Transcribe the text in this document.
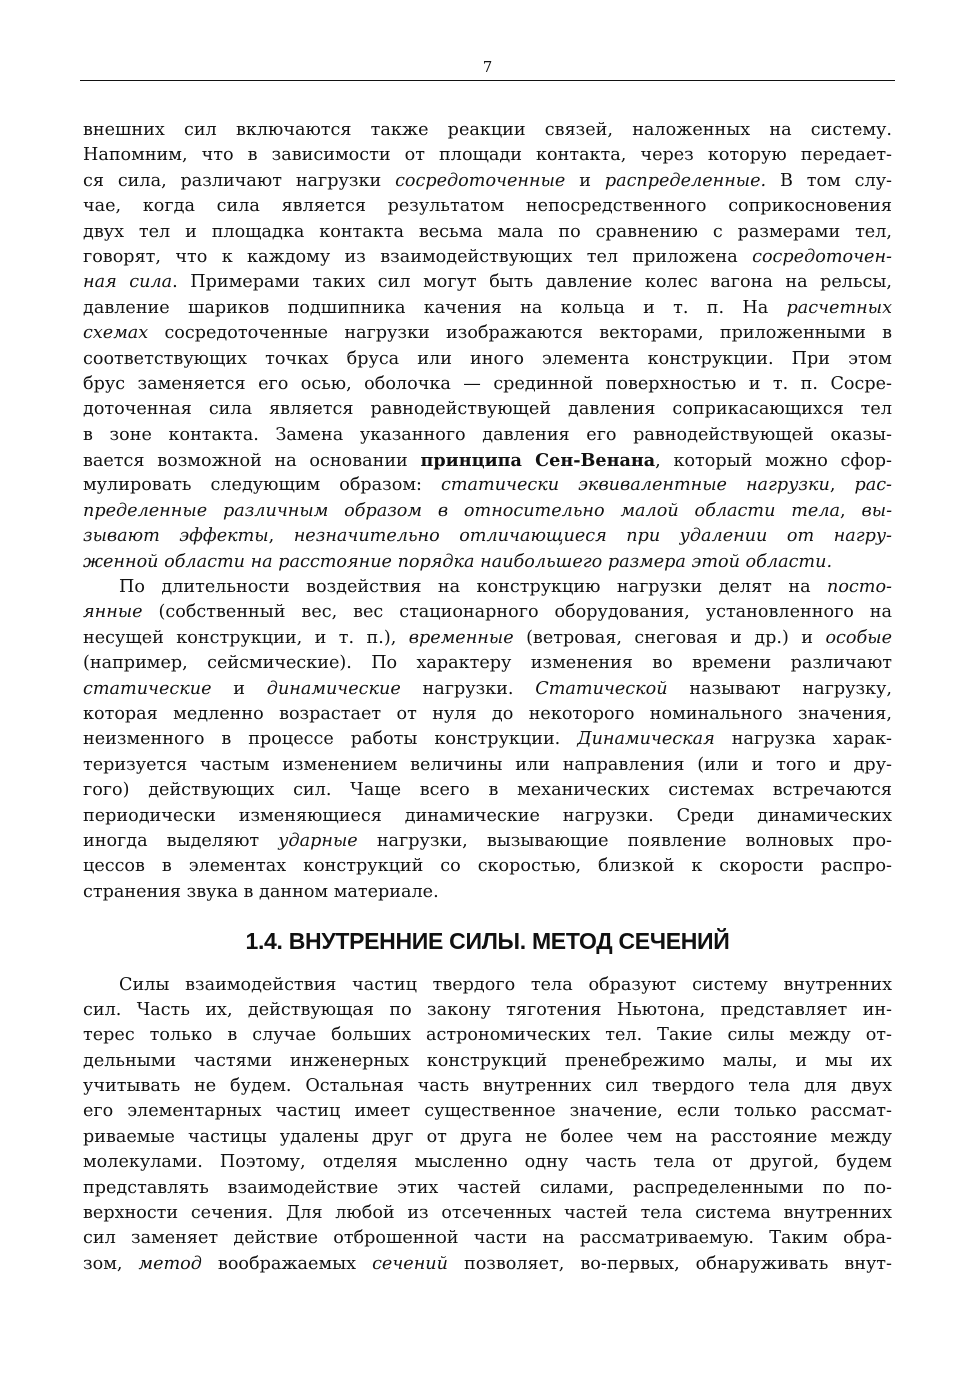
7
внешних сил включаются также реакции связей, наложенных на систему.
Напомним, что в зависимости от площади контакта, через которую передает-
ся сила, различают нагрузки сосредоточенные и распределенные. В том слу-
чае, когда сила является результатом непосредственного соприкосновения
двух тел и площадка контакта весьма мала по сравнению с размерами тел,
говорят, что к каждому из взаимодействующих тел приложена сосредоточен-
ная сила. Примерами таких сил могут быть давление колес вагона на рельсы,
давление шариков подшипника качения на кольца и т. п. На расчетных
схемах сосредоточенные нагрузки изображаются векторами, приложенными в
соответствующих точках бруса или иного элемента конструкции. При этом
брус заменяется его осью, оболочка — срединной поверхностью и т. п. Сосре-
доточенная сила является равнодействующей давления соприкасающихся тел
в зоне контакта. Замена указанного давления его равнодействующей оказы-
вается возможной на основании принципа Сен-Венана, который можно сфор-
мулировать следующим образом: статически эквивалентные нагрузки, рас-
пределенные различным образом в относительно малой области тела, вы-
зывают эффекты, незначительно отличающиеся при удалении от нагру-
женной области на расстояние порядка наибольшего размера этой области.
По длительности воздействия на конструкцию нагрузки делят на посто-
янные (собственный вес, вес стационарного оборудования, установленного на
несущей конструкции, и т. п.), временные (ветровая, снеговая и др.) и особые
(например, сейсмические). По характеру изменения во времени различают
статические и динамические нагрузки. Статической называют нагрузку,
которая медленно возрастает от нуля до некоторого номинального значения,
неизменного в процессе работы конструкции. Динамическая нагрузка харак-
теризуется частым изменением величины или направления (или и того и дру-
гого) действующих сил. Чаще всего в механических системах встречаются
периодически изменяющиеся динамические нагрузки. Среди динамических
иногда выделяют ударные нагрузки, вызывающие появление волновых про-
цессов в элементах конструкций со скоростью, близкой к скорости распро-
странения звука в данном материале.
1.4. ВНУТРЕННИЕ СИЛЫ. МЕТОД СЕЧЕНИЙ
Силы взаимодействия частиц твердого тела образуют систему внутренних
сил. Часть их, действующая по закону тяготения Ньютона, представляет ин-
терес только в случае больших астрономических тел. Такие силы между от-
дельными частями инженерных конструкций пренебрежимо малы, и мы их
учитывать не будем. Остальная часть внутренних сил твердого тела для двух
его элементарных частиц имеет существенное значение, если только рассмат-
риваемые частицы удалены друг от друга не более чем на расстояние между
молекулами. Поэтому, отделяя мысленно одну часть тела от другой, будем
представлять взаимодействие этих частей силами, распределенными по по-
верхности сечения. Для любой из отсеченных частей тела система внутренних
сил заменяет действие отброшенной части на рассматриваемую. Таким обра-
зом, метод воображаемых сечений позволяет, во-первых, обнаруживать внут-
